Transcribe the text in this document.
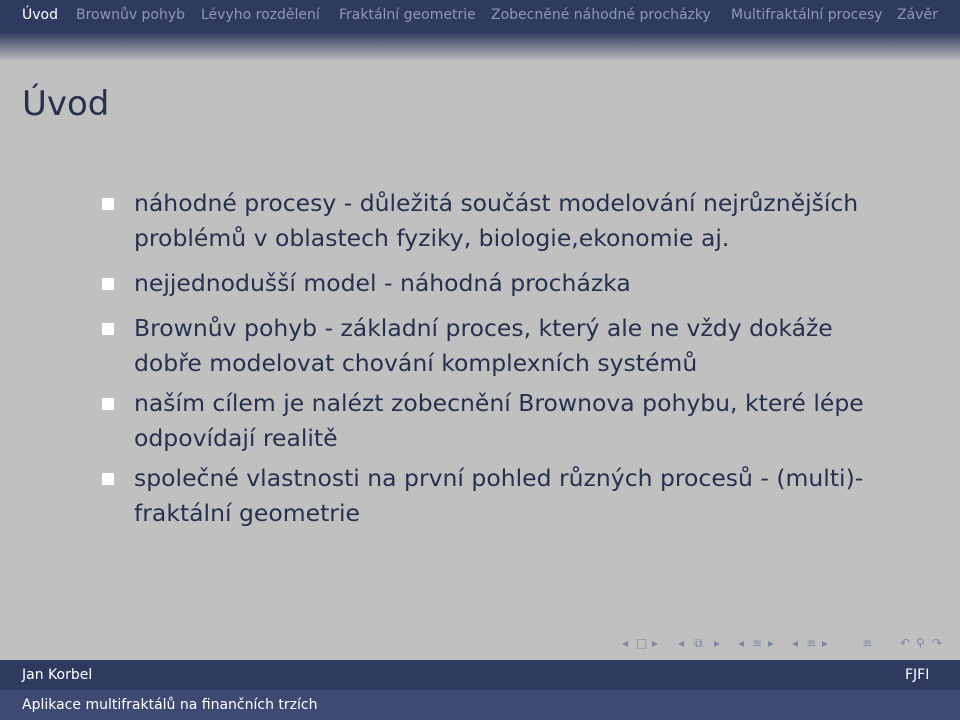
Úvod Brownův pohyb Lévyho rozdělení Fraktální geometrie Zobecněné náhodné procházky Multifraktální procesy Závěr
Úvod
náhodné procesy - důležitá součást modelování nejrůznějších problémů v oblastech fyziky, biologie,ekonomie aj.
nejjednodušší model - náhodná procházka
Brownův pohyb - základní proces, který ale ne vždy dokáže dobře modelovat chování komplexních systémů
naším cílem je nalézt zobecnění Brownova pohybu, které lépe odpovídají realitě
společné vlastnosti na první pohled různých procesů - (multi)-fraktální geometrie
◂ □ ▸ ◂ ⧉ ▸ ◂ ≡ ▸ ◂ ≡ ▸	≡ ↶ ⚲ ↷
Jan Korbel	FJFI
Aplikace multifraktálů na finančních trzích
